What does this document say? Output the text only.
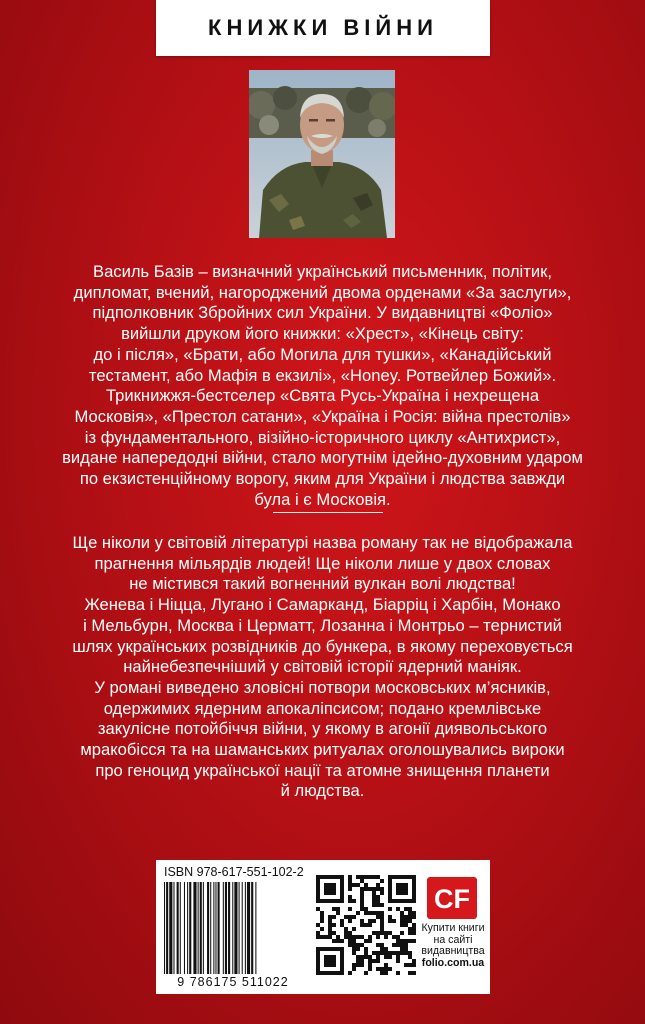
КНИЖКИ ВІЙНИ

Василь Базів – визначний український письменник, політик,

дипломат, вчений, нагороджений двома орденами «За заслуги»,

підполковник Збройних сил України. У видавництві «Фоліо»

вийшли друком його книжки: «Хрест», «Кінець світу:

до і після», «Брати, або Могила для тушки», «Канадійський

тестамент, або Мафія в екзилі», «Honey. Ротвейлер Божий».

Трикнижжя-бестселер «Свята Русь-Україна і нехрещена

Московія», «Престол сатани», «Україна і Росія: війна престолів»

із фундаментального, візійно-історичного циклу «Антихрист»,

видане напередодні війни, стало могутнім ідейно-духовним ударом

по екзистенційному ворогу, яким для України і людства завжди

була і є Московія.

Ще ніколи у світовій літературі назва роману так не відображала

прагнення мільярдів людей! Ще ніколи лише у двох словах

не містився такий вогненний вулкан волі людства!

Женева і Ніцца, Лугано і Самарканд, Біарріц і Харбін, Монако

і Мельбурн, Москва і Церматт, Лозанна і Монтрьо – тернистий

шлях українських розвідників до бункера, в якому переховується

найнебезпечніший у світовій історії ядерний маніяк.

У романі виведено зловісні потвори московських м’ясників,

одержимих ядерним апокаліпсисом; подано кремлівське

закулісне потойбіччя війни, у якому в агонії диявольського

мракобісся та на шаманських ритуалах оголошувались вироки

про геноцид української нації та атомне знищення планети

й людства.

ISBN 978-617-551-102-2
9 786175 511022
CF
Купити книги
на сайті
видавництва
folio.com.ua
